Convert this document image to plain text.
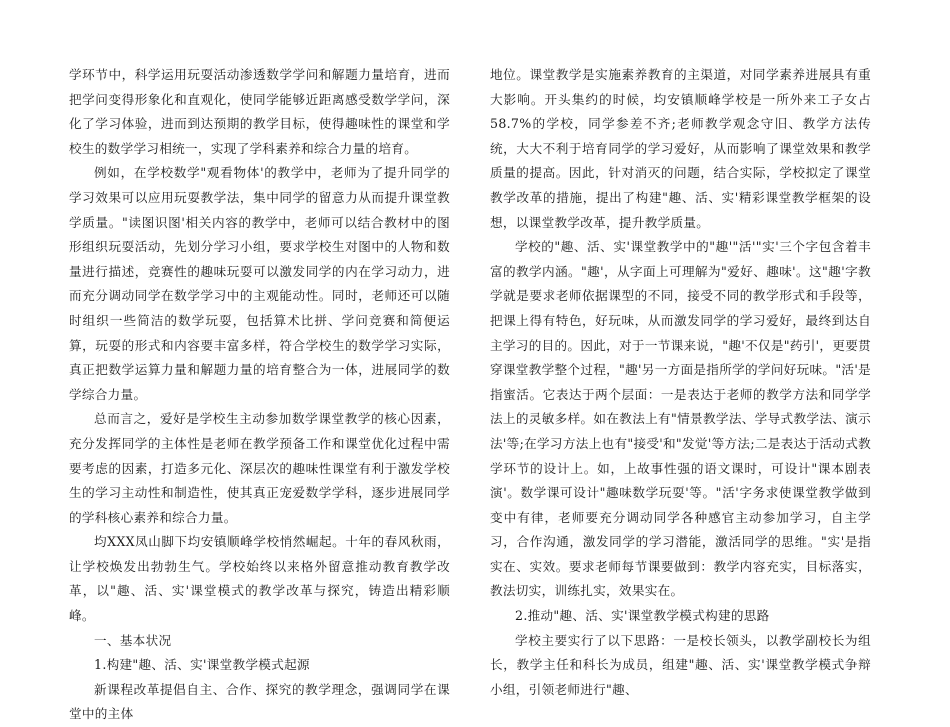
学环节中，科学运用玩耍活动渗透数学学问和解题力量培育，进而把学问变得形象化和直观化，使同学能够近距离感受数学学问，深化了学习体验，进而到达预期的教学目标，使得趣味性的课堂和学校生的数学学习相统一，实现了学科素养和综合力量的培育。

例如，在学校数学"观看物体'的教学中，老师为了提升同学的学习效果可以应用玩耍教学法，集中同学的留意力从而提升课堂教学质量。"读图识图'相关内容的教学中，老师可以结合教材中的图形组织玩耍活动，先划分学习小组，要求学校生对图中的人物和数量进行描述，竞赛性的趣味玩耍可以激发同学的内在学习动力，进而充分调动同学在数学学习中的主观能动性。同时，老师还可以随时组织一些简洁的数学玩耍，包括算术比拼、学问竞赛和简便运算，玩耍的形式和内容要丰富多样，符合学校生的数学学习实际，真正把数学运算力量和解题力量的培育整合为一体，进展同学的数学综合力量。

总而言之，爱好是学校生主动参加数学课堂教学的核心因素，充分发挥同学的主体性是老师在教学预备工作和课堂优化过程中需要考虑的因素，打造多元化、深层次的趣味性课堂有利于激发学校生的学习主动性和制造性，使其真正宠爱数学学科，逐步进展同学的学科核心素养和综合力量。

均XXX凤山脚下均安镇顺峰学校悄然崛起。十年的春风秋雨，让学校焕发出勃勃生气。学校始终以来格外留意推动教育教学改革，以"趣、活、实'课堂模式的教学改革与探究，铸造出精彩顺峰。

一、基本状况

1.构建"趣、活、实'课堂教学模式起源

新课程改革提倡自主、合作、探究的教学理念，强调同学在课堂中的主体

地位。课堂教学是实施素养教育的主渠道，对同学素养进展具有重大影响。开头集约的时候，均安镇顺峰学校是一所外来工子女占58.7%的学校，同学参差不齐;老师教学观念守旧、教学方法传统，大大不利于培育同学的学习爱好，从而影响了课堂效果和教学质量的提高。因此，针对消灭的问题，结合实际，学校拟定了课堂教学改革的措施，提出了构建"趣、活、实'精彩课堂教学框架的设想，以课堂教学改革，提升教学质量。

学校的"趣、活、实'课堂教学中的"趣'"活'"实'三个字包含着丰富的教学内涵。"趣'，从字面上可理解为"爱好、趣味'。这"趣'字教学就是要求老师依据课型的不同，接受不同的教学形式和手段等，把课上得有特色，好玩味，从而激发同学的学习爱好，最终到达自主学习的目的。因此，对于一节课来说，"趣'不仅是"药引'，更要贯穿课堂教学整个过程，"趣'另一方面是指所学的学问好玩味。"活'是指蜜活。它表达于两个层面：一是表达于老师的教学方法和同学学法上的灵敏多样。如在教法上有"情景教学法、学导式教学法、演示法'等;在学习方法上也有"接受'和"发觉'等方法;二是表达于活动式教学环节的设计上。如，上故事性强的语文课时，可设计"课本剧表演'。数学课可设计"趣味数学玩耍'等。"活'字务求使课堂教学做到变中有律，老师要充分调动同学各种感官主动参加学习，自主学习，合作沟通，激发同学的学习潜能，激活同学的思维。"实'是指实在、实效。要求老师每节课要做到：教学内容充实，目标落实，教法切实，训练扎实，效果实在。

2.推动"趣、活、实'课堂教学模式构建的思路

学校主要实行了以下思路：一是校长领头，以教学副校长为组长，教学主任和科长为成员，组建"趣、活、实'课堂教学模式争辩小组，引领老师进行"趣、
